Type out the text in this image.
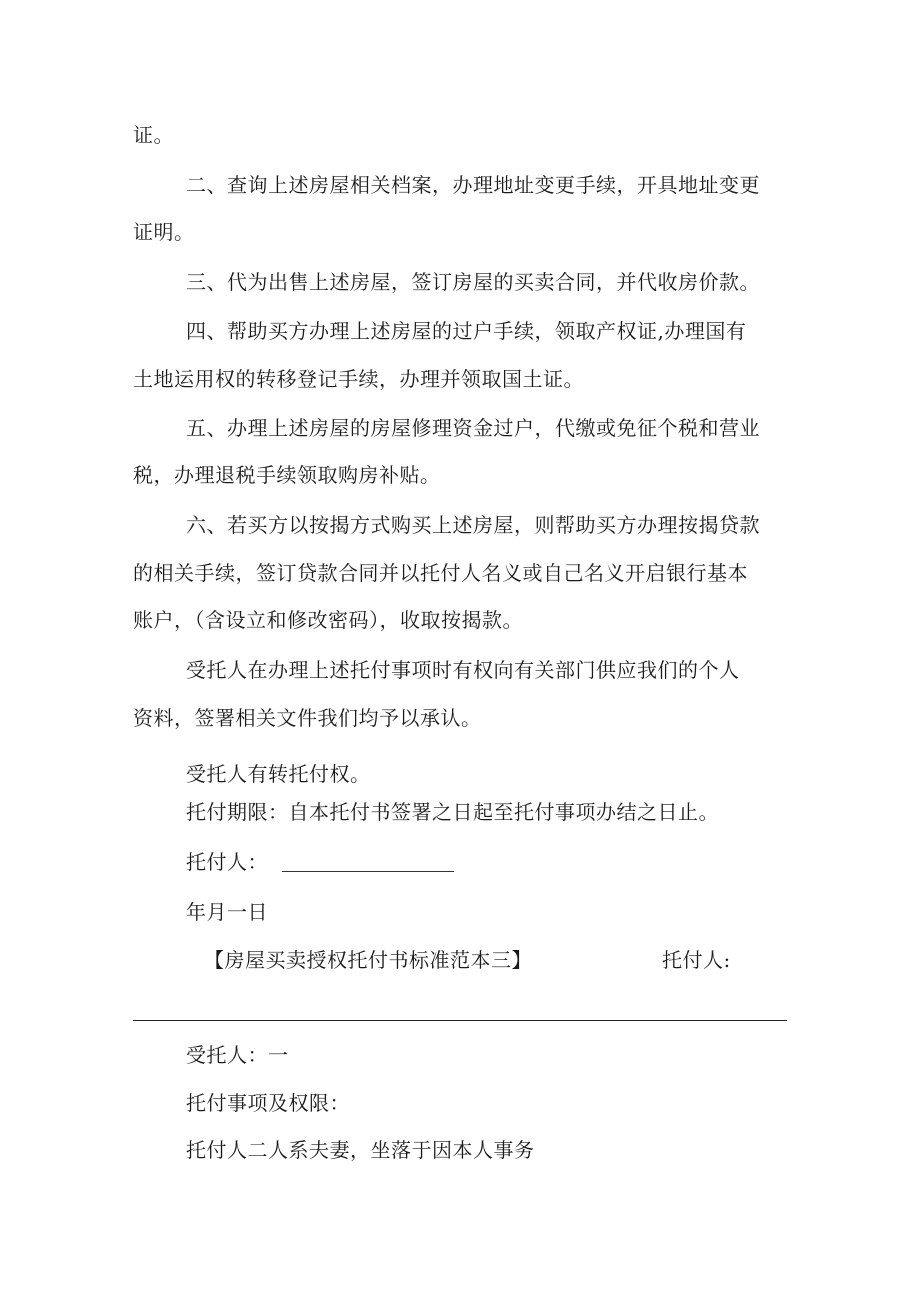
证。
二、查询上述房屋相关档案，办理地址变更手续，开具地址变更
证明。
三、代为出售上述房屋，签订房屋的买卖合同，并代收房价款。
四、帮助买方办理上述房屋的过户手续，领取产权证,办理国有
土地运用权的转移登记手续，办理并领取国土证。
五、办理上述房屋的房屋修理资金过户，代缴或免征个税和营业
税，办理退税手续领取购房补贴。
六、若买方以按揭方式购买上述房屋，则帮助买方办理按揭贷款
的相关手续，签订贷款合同并以托付人名义或自己名义开启银行基本
账户，（含设立和修改密码），收取按揭款。
受托人在办理上述托付事项时有权向有关部门供应我们的个人
资料，签署相关文件我们均予以承认。
受托人有转托付权。
托付期限：自本托付书签署之日起至托付事项办结之日止。
托付人：
年月一日
【房屋买卖授权托付书标准范本三】	托付人:
受托人：一
托付事项及权限：
托付人二人系夫妻，坐落于因本人事务
